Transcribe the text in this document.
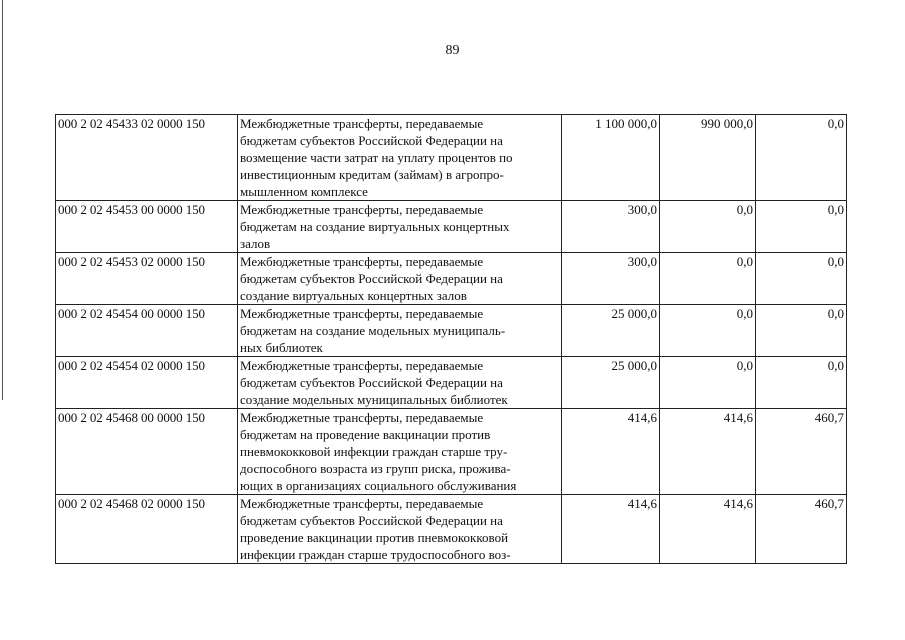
89
000 2 02 45433 02 0000 150	Межбюджетные трансферты, передаваемые
бюджетам субъектов Российской Федерации на
возмещение части затрат на уплату процентов по
инвестиционным кредитам (займам) в агропро-
мышленном комплексе	1 100 000,0	990 000,0	0,0
000 2 02 45453 00 0000 150	Межбюджетные трансферты, передаваемые
бюджетам на создание виртуальных концертных
залов	300,0	0,0	0,0
000 2 02 45453 02 0000 150	Межбюджетные трансферты, передаваемые
бюджетам субъектов Российской Федерации на
создание виртуальных концертных залов	300,0	0,0	0,0
000 2 02 45454 00 0000 150	Межбюджетные трансферты, передаваемые
бюджетам на создание модельных муниципаль-
ных библиотек	25 000,0	0,0	0,0
000 2 02 45454 02 0000 150	Межбюджетные трансферты, передаваемые
бюджетам субъектов Российской Федерации на
создание модельных муниципальных библиотек	25 000,0	0,0	0,0
000 2 02 45468 00 0000 150	Межбюджетные трансферты, передаваемые
бюджетам на проведение вакцинации против
пневмококковой инфекции граждан старше тру-
доспособного возраста из групп риска, прожива-
ющих в организациях социального обслуживания	414,6	414,6	460,7
000 2 02 45468 02 0000 150	Межбюджетные трансферты, передаваемые
бюджетам субъектов Российской Федерации на
проведение вакцинации против пневмококковой
инфекции граждан старше трудоспособного воз-	414,6	414,6	460,7
